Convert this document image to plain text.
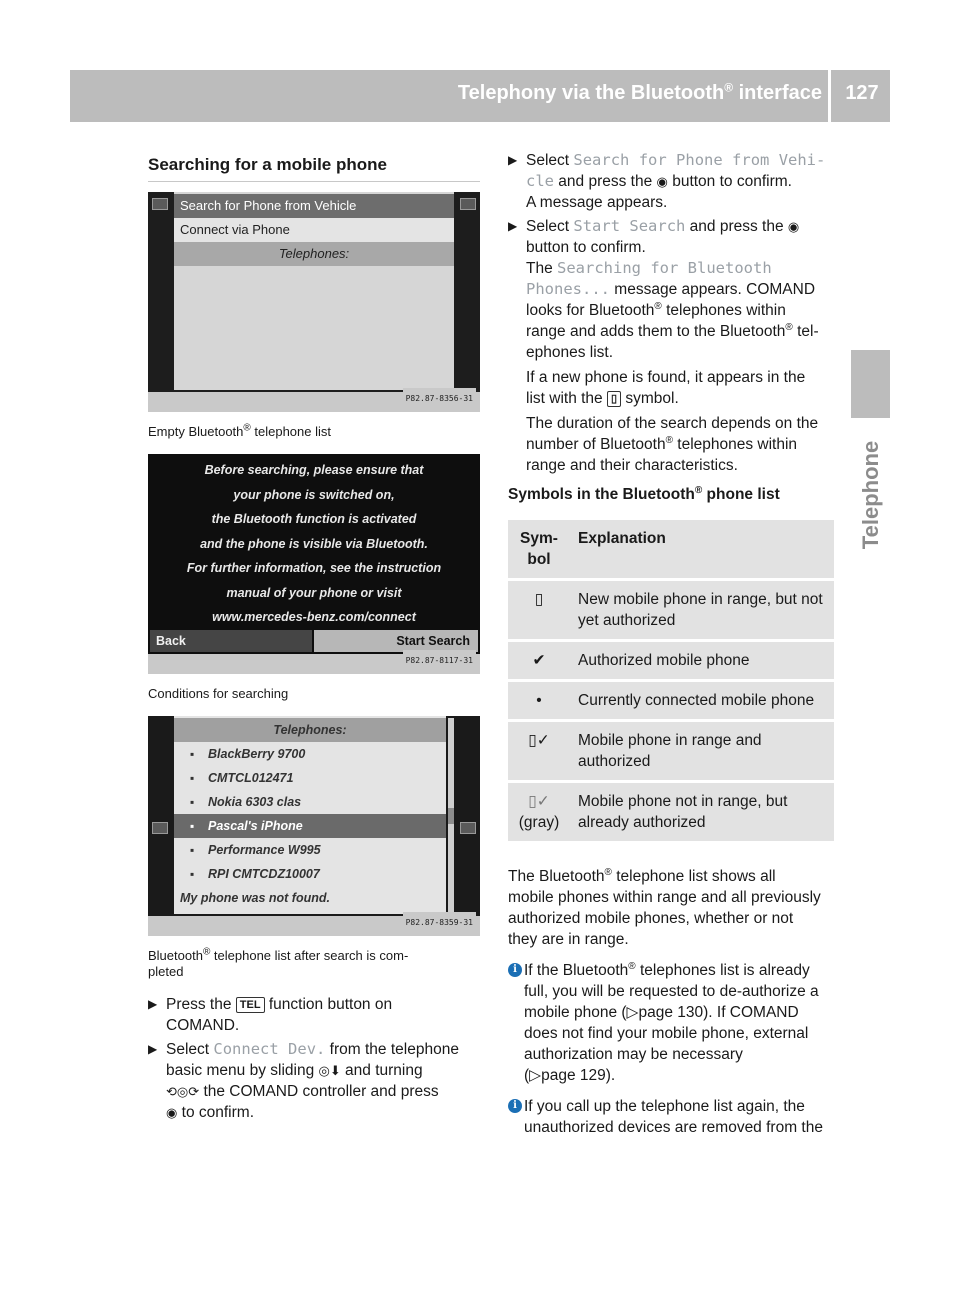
Telephony via the Bluetooth® interface	127
Telephone
Searching for a mobile phone
Search for Phone from Vehicle
Connect via Phone
Telephones:
P82.87-8356-31
Empty Bluetooth® telephone list
Before searching, please ensure that
your phone is switched on,
the Bluetooth function is activated
and the phone is visible via Bluetooth.
For further information, see the instruction
manual of your phone or visit
www.mercedes-benz.com/connect
Back	Start Search
P82.87-8117-31
Conditions for searching
Telephones:
▪ BlackBerry 9700
▪ CMTCL012471
▪ Nokia 6303 clas
▪ Pascal's iPhone
▪ Performance W995
▪ RPI CMTCDZ10007
My phone was not found.
P82.87-8359-31
Bluetooth® telephone list after search is com-
pleted
▶ Press the TEL function button on
COMAND.
▶ Select Connect Dev. from the telephone
basic menu by sliding ◎⬇ and turning
⟲◎⟳ the COMAND controller and press
◉ to confirm.
▶ Select Search for Phone from Vehi‐
cle and press the ◉ button to confirm.
A message appears.
▶ Select Start Search and press the ◉
button to confirm.
The Searching for Bluetooth
Phones... message appears. COMAND
looks for Bluetooth® telephones within
range and adds them to the Bluetooth® tel-
ephones list.
If a new phone is found, it appears in the
list with the ▯ symbol.
The duration of the search depends on the
number of Bluetooth® telephones within
range and their characteristics.
Symbols in the Bluetooth® phone list
Sym-
bol	Explanation
▯	New mobile phone in range, but not yet authorized
✔	Authorized mobile phone
•	Currently connected mobile phone
▯✓	Mobile phone in range and authorized
▯✓
(gray)	Mobile phone not in range, but already authorized
The Bluetooth® telephone list shows all
mobile phones within range and all previously
authorized mobile phones, whether or not
they are in range.
i If the Bluetooth® telephones list is already
full, you will be requested to de-authorize a
mobile phone (▷page 130). If COMAND
does not find your mobile phone, external
authorization may be necessary
(▷page 129).
i If you call up the telephone list again, the
unauthorized devices are removed from the
